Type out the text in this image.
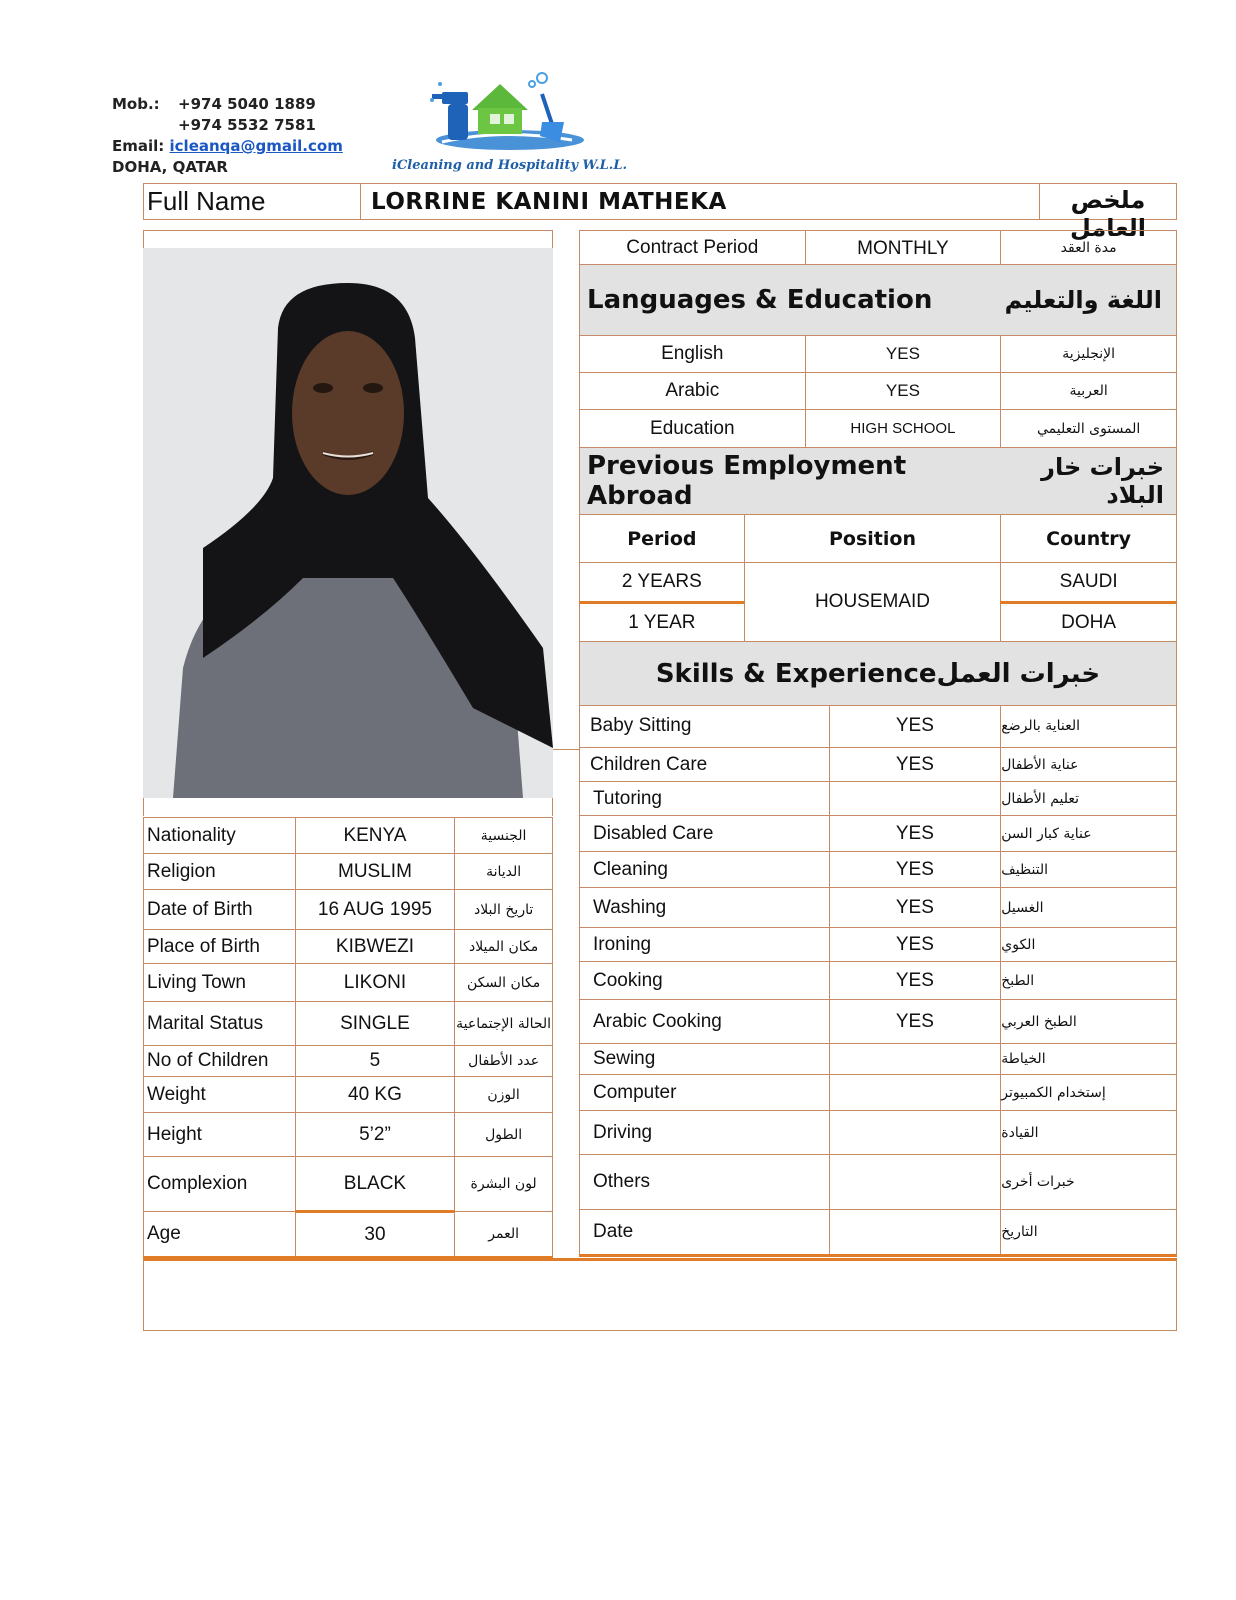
Mob.: +974 5040 1889
+974 5532 7581
Email: icleanqa@gmail.com
DOHA, QATAR	iCleaning and Hospitality W.L.L.
Full Name	LORRINE KANINI MATHEKA	ملخص العامل
Nationality	KENYA	الجنسية

Religion	MUSLIM	الديانة

Date of Birth	16 AUG 1995	تاريخ البلاد

Place of Birth	KIBWEZI	مكان الميلاد

Living Town	LIKONI	مكان السكن

Marital Status	SINGLE	الحالة الإجتماعية

No of Children	5	عدد الأطفال

Weight	40 KG	الوزن

Height	5’2”	الطول

Complexion	BLACK	لون البشرة

Age	30	العمر
Contract Period		MONTHLY		مدة العقد

Languages & Education اللغة والتعليم				

English		YES		الإنجليزية

Arabic		YES		العربية

Education		HIGH SCHOOL		المستوى التعليمي

Previous Employment Abroad
خبرات خار البلاد				

Period	Position			Country

2 YEARS	HOUSEMAID			SAUDI

1 YEAR				DOHA

Skills & Experience خبرات العمل				

Baby Sitting			YES	العناية بالرضع

Children Care			YES	عناية الأطفال

Tutoring				تعليم الأطفال

Disabled Care			YES	عناية كبار السن

Cleaning			YES	التنظيف

Washing			YES	الغسيل

Ironing			YES	الكوي

Cooking			YES	الطبخ

Arabic Cooking			YES	الطبخ العربي

Sewing				الخياطة

Computer				إستخدام الكمبيوتر

Driving				القيادة

Others				خبرات أخرى

Date				التاريخ
